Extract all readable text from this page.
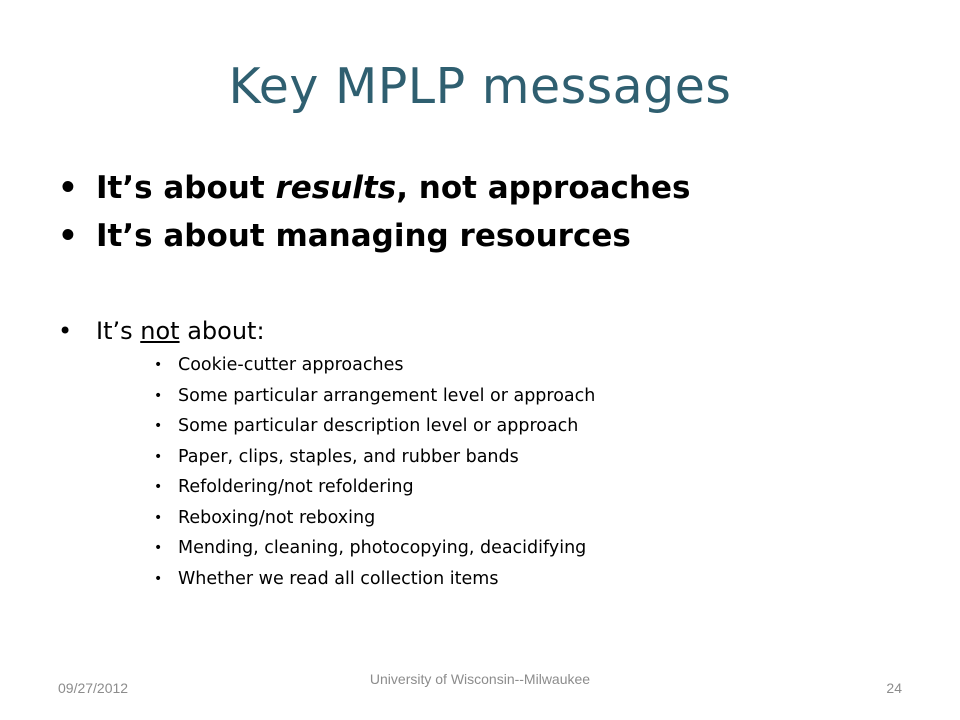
Key MPLP messages
• It’s about results, not approaches
• It’s about managing resources
• It’s not about:
• Cookie-cutter approaches
• Some particular arrangement level or approach
• Some particular description level or approach
• Paper, clips, staples, and rubber bands
• Refoldering/not refoldering
• Reboxing/not reboxing
• Mending, cleaning, photocopying, deacidifying
• Whether we read all collection items
09/27/2012
University of Wisconsin--Milwaukee
24
